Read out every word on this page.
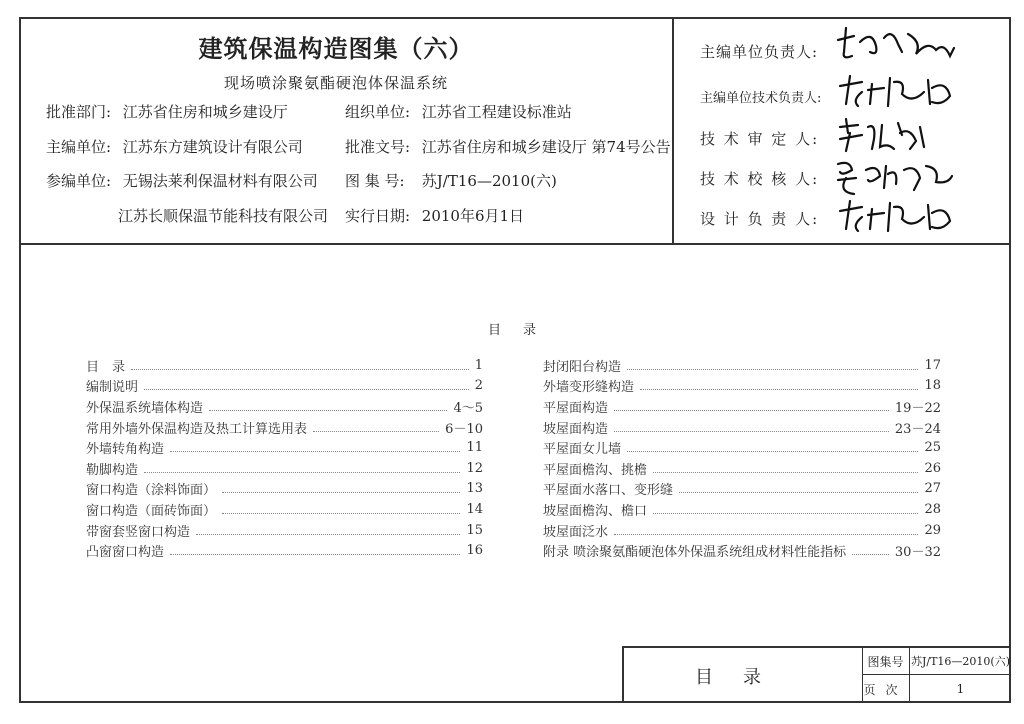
建筑保温构造图集（六）
现场喷涂聚氨酯硬泡体保温系统
批准部门: 江苏省住房和城乡建设厅	组织单位: 江苏省工程建设标准站
主编单位: 江苏东方建筑设计有限公司	批准文号: 江苏省住房和城乡建设厅 第74号公告
参编单位: 无锡法莱利保温材料有限公司 图 集 号: 苏J/T16—2010(六)
江苏长顺保温节能科技有限公司 实行日期: 2010年6月1日
主编单位负责人:
主编单位技术负责人:
技 术 审 定 人:
技 术 校 核 人:
设 计 负 责 人:
目录
目　录	1
编制说明	2
外保温系统墙体构造	4～5
常用外墙外保温构造及热工计算选用表	6－10
外墙转角构造	11
勒脚构造	12
窗口构造（涂料饰面）	13
窗口构造（面砖饰面）	14
带窗套竖窗口构造	15
凸窗窗口构造	16
封闭阳台构造	17
外墙变形缝构造	18
平屋面构造	19－22
坡屋面构造	23－24
平屋面女儿墙	25
平屋面檐沟、挑檐	26
平屋面水落口、变形缝	27
坡屋面檐沟、檐口	28
坡屋面泛水	29
附录 喷涂聚氨酯硬泡体外保温系统组成材料性能指标	30－32
目录
图集号 苏J/T16—2010(六)
页次	1
